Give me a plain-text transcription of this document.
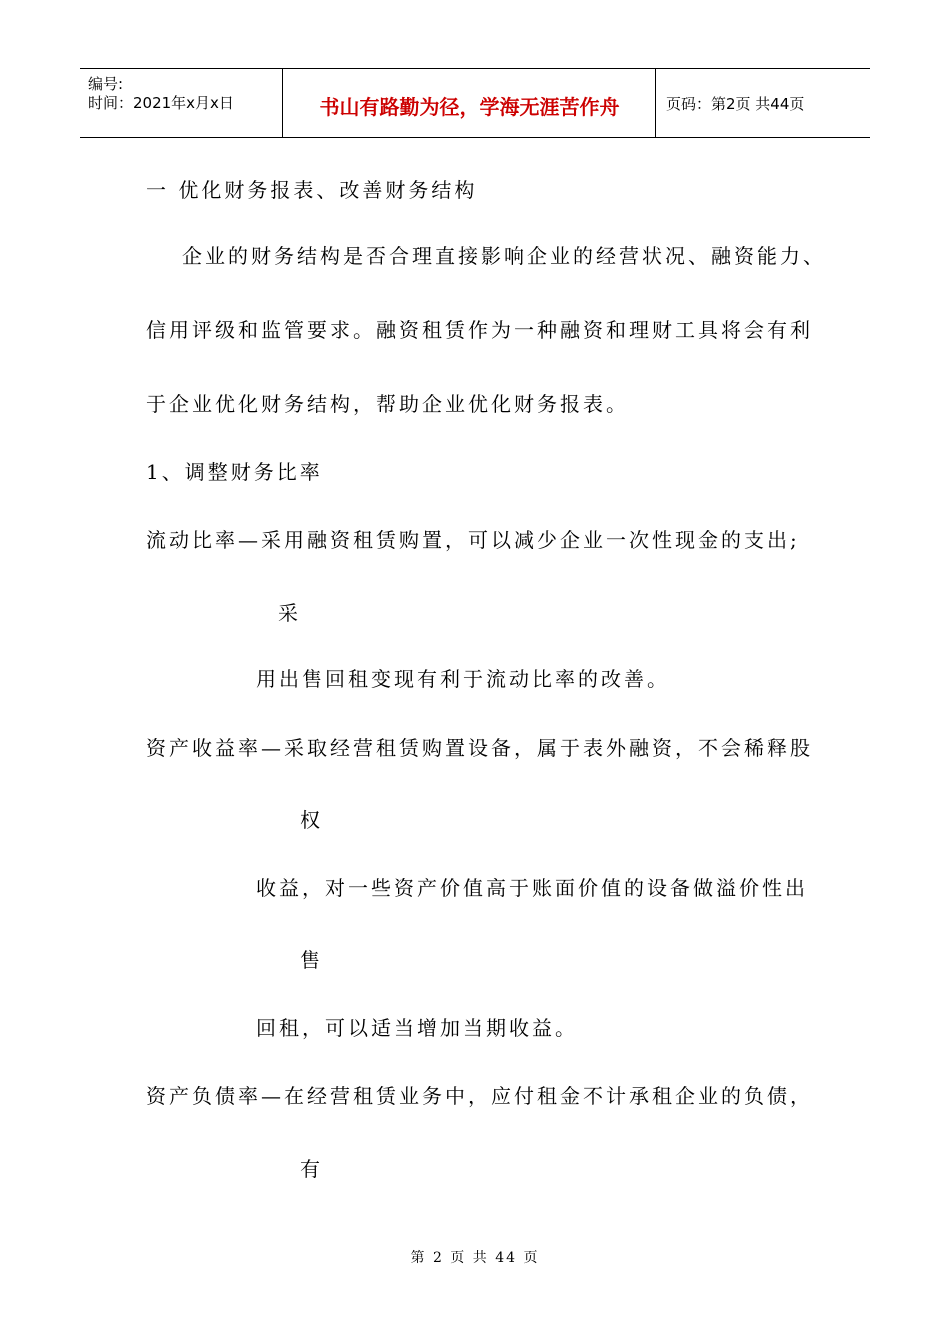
编号:
时间：2021年x月x日	书山有路勤为径，学海无涯苦作舟	页码：第2页 共44页
一 优化财务报表、改善财务结构
企业的财务结构是否合理直接影响企业的经营状况、融资能力、
信用评级和监管要求。融资租赁作为一种融资和理财工具将会有利
于企业优化财务结构，帮助企业优化财务报表。
1、调整财务比率
流动比率—采用融资租赁购置，可以减少企业一次性现金的支出;
采
用出售回租变现有利于流动比率的改善。
资产收益率—采取经营租赁购置设备，属于表外融资，不会稀释股
权
收益，对一些资产价值高于账面价值的设备做溢价性出
售
回租，可以适当增加当期收益。
资产负债率—在经营租赁业务中，应付租金不计承租企业的负债，
有
第 2 页 共 44 页
